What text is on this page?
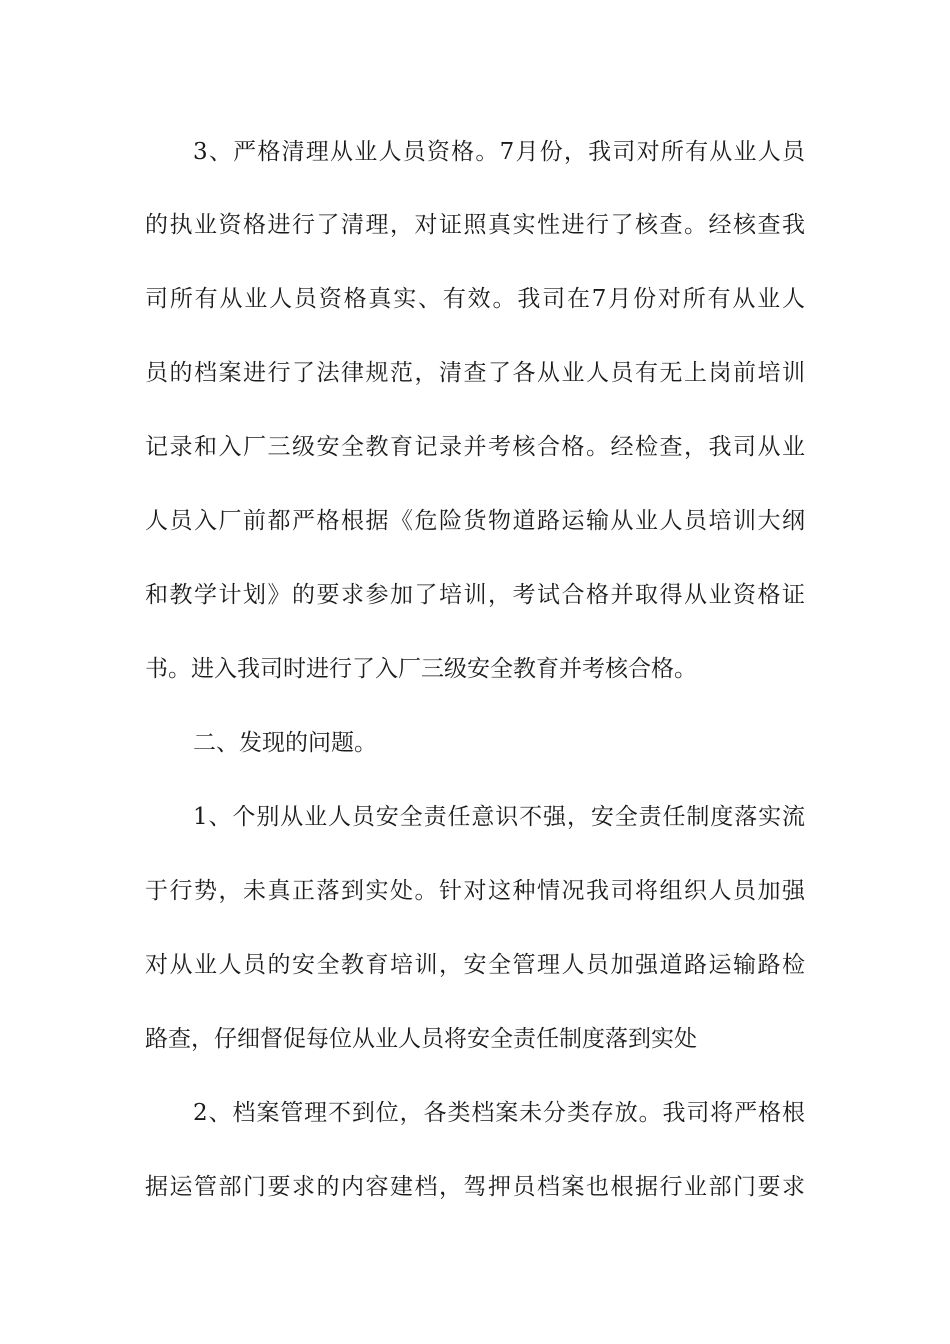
3、严格清理从业人员资格。7月份，我司对所有从业人员
的执业资格进行了清理，对证照真实性进行了核查。经核查我
司所有从业人员资格真实、有效。我司在7月份对所有从业人
员的档案进行了法律规范，清查了各从业人员有无上岗前培训
记录和入厂三级安全教育记录并考核合格。经检查，我司从业
人员入厂前都严格根据《危险货物道路运输从业人员培训大纲
和教学计划》的要求参加了培训，考试合格并取得从业资格证
书。进入我司时进行了入厂三级安全教育并考核合格。
二、发现的问题。
1、个别从业人员安全责任意识不强，安全责任制度落实流
于行势，未真正落到实处。针对这种情况我司将组织人员加强
对从业人员的安全教育培训，安全管理人员加强道路运输路检
路查，仔细督促每位从业人员将安全责任制度落到实处
2、档案管理不到位，各类档案未分类存放。我司将严格根
据运管部门要求的内容建档，驾押员档案也根据行业部门要求
